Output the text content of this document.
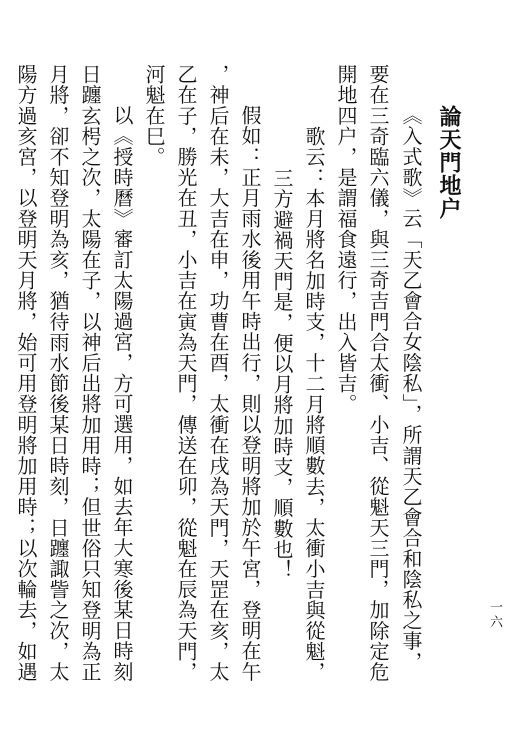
論天門地户
《入式歌》云「天乙會合女陰私」，所謂天乙會合和陰私之事，
要在三奇臨六儀，與三奇吉門合太衝、小吉、從魁天三門，加除定危
開地四户，是謂福食遠行，出入皆吉。
歌云：本月將名加時支，十二月將順數去，太衝小吉與從魁，
三方避禍天門是，便以月將加時支，順數也！
假如：正月雨水後用午時出行，則以登明將加於午宮，登明在午
，神后在未，大吉在申，功曹在酉，太衝在戌為天門，天罡在亥，太
乙在子，勝光在丑，小吉在寅為天門，傳送在卯，從魁在辰為天門，
河魁在巳。
以《授時曆》審訂太陽過宮，方可選用，如去年大寒後某日時刻
日躔玄枵之次，太陽在子，以神后出將加用時；但世俗只知登明為正
月將，卻不知登明為亥，猶待雨水節後某日時刻，日躔諏訾之次，太
陽方過亥宮，以登明天月將，始可用登明將加用時；以次輪去，如遇	一六
